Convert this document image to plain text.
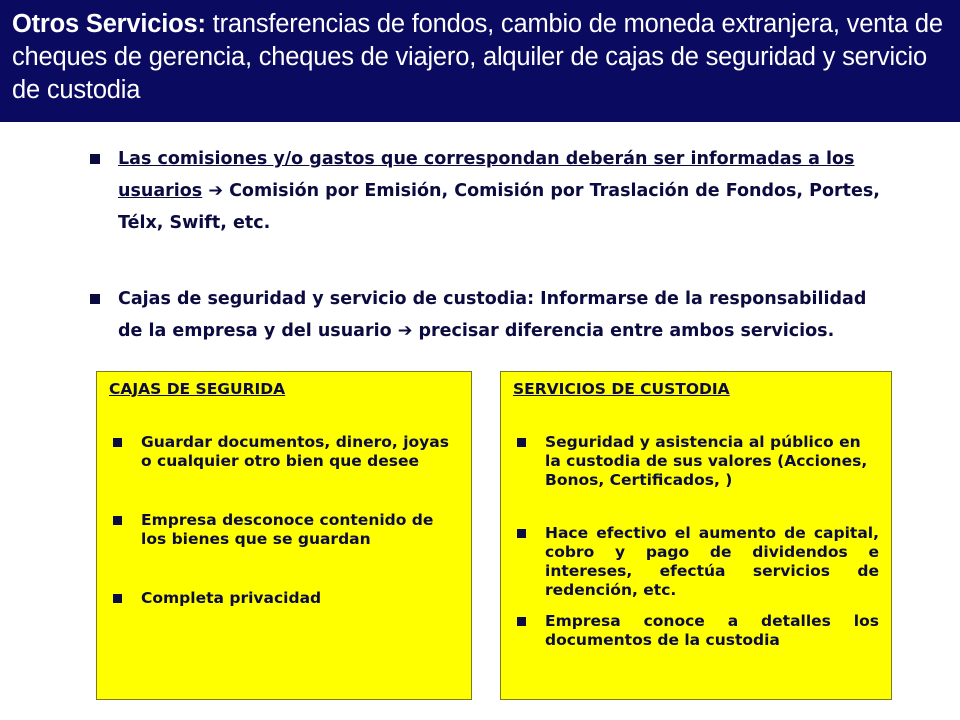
Otros Servicios: transferencias de fondos, cambio de moneda extranjera, venta de cheques de gerencia, cheques de viajero, alquiler de cajas de seguridad y servicio de custodia
Las comisiones y/o gastos que correspondan deberán ser informadas a los usuarios ➔ Comisión por Emisión, Comisión por Traslación de Fondos, Portes, Télx, Swift, etc.
Cajas de seguridad y servicio de custodia: Informarse de la responsabilidad de la empresa y del usuario ➔ precisar diferencia entre ambos servicios.
CAJAS DE SEGURIDA
Guardar documentos, dinero, joyas o cualquier otro bien que desee
Empresa desconoce contenido de los bienes que se guardan
Completa privacidad
SERVICIOS DE CUSTODIA
Seguridad y asistencia al público en la custodia de sus valores (Acciones, Bonos, Certificados, )
Hace efectivo el aumento de capital, cobro y pago de dividendos e intereses, efectúa servicios de redención, etc.
Empresa conoce a detalles los documentos de la custodia
